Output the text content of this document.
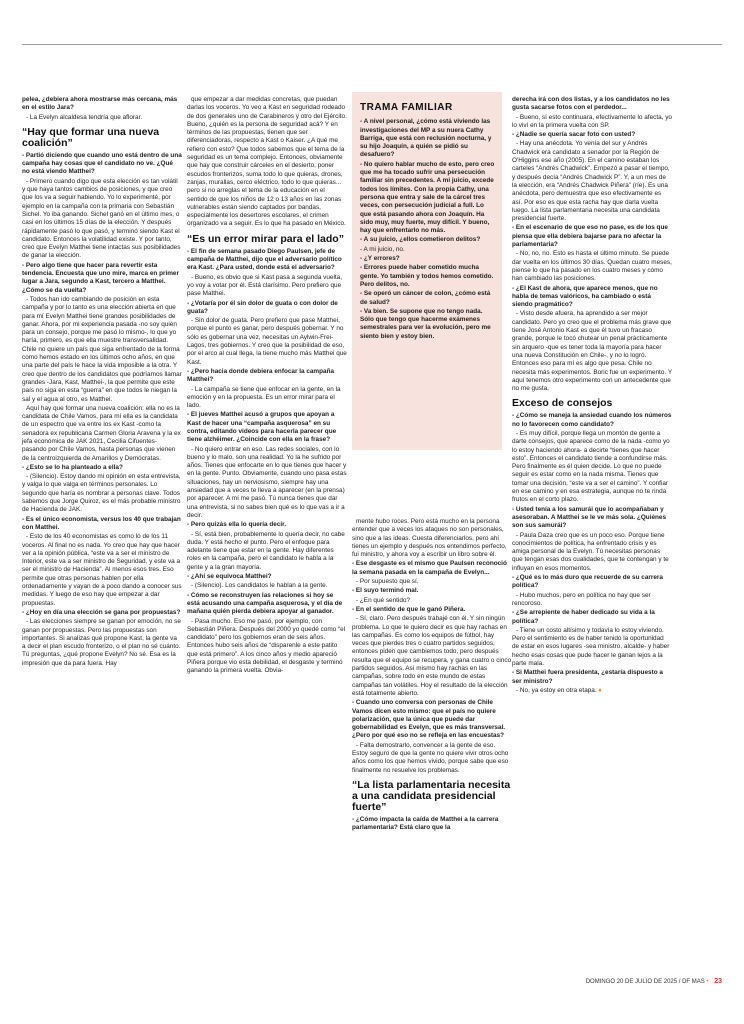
pelea, ¿debiera ahora mostrarse más cercana, más en el estilo Jara?

- La Evelyn alcaldesa tendría que aflorar.

“Hay que formar una nueva coalición”

- Partió diciendo que cuando uno está dentro de una campaña hay cosas que el candidato no ve. ¿Qué no está viendo Matthei?

- Primero cuando digo que esta elección es tan volátil y que haya tantos cambios de posiciones, y que creo que los va a seguir habiendo. Yo lo experimenté, por ejemplo en la campaña con la primaria con Sebastián Sichel. Yo iba ganando. Sichel ganó en el último mes, o casi en los últimos 15 días de la elección. Y después rápidamente pasó lo que pasó, y terminó siendo Kast el candidato. Entonces la volatilidad existe. Y por tanto, creo que Evelyn Matthei tiene intactas sus posibilidades de ganar la elección.

- Pero algo tiene que hacer para revertir esta tendencia. Encuesta que uno mire, marca en primer lugar a Jara, segundo a Kast, tercero a Matthei. ¿Cómo se da vuelta?

- Todos han ido cambiando de posición en esta campaña y por lo tanto es una elección abierta en que para mí Evelyn Matthei tiene grandes posibilidades de ganar. Ahora, por mi experiencia pasada -no soy quién para un consejo, porque me pasó lo mismo-, lo que yo haría, primero, es que ella muestre transversalidad. Chile no quiere un país que siga enfrentado de la forma como hemos estado en los últimos ocho años, en que una parte del país le hace la vida imposible a la otra. Y creo que dentro de los candidatos que podríamos llamar grandes -Jara, Kast, Matthei-, la que permite que este país no siga en esta “guerra” en que todos le niegan la sal y el agua al otro, es Matthei.

Aquí hay que formar una nueva coalición: ella no es la candidata de Chile Vamos, para mí ella es la candidata de un espectro que va entre los ex Kast -como la senadora ex republicana Carmen Gloria Aravena y la ex jefa económica de JAK 2021, Cecilia Cifuentes- pasando por Chile Vamos, hasta personas que vienen de la centroizquierda de Amarillos y Demócratas.

- ¿Esto se lo ha planteado a ella?

- (Silencio). Estoy dando mi opinión en esta entrevista, y valga lo que valga en términos personales. Lo segundo que haría es nombrar a personas clave. Todos sabemos que Jorge Quiroz, es el más probable ministro de Hacienda de JAK.

- Es el único economista, versus los 40 que trabajan con Matthei.

- Esto de los 40 economistas es como lo de los 11 voceros. Al final no es nada. Yo creo que hay que hacer ver a la opinión pública, “este va a ser el ministro de Interior, este va a ser ministro de Seguridad, y este va a ser el ministro de Hacienda”. Al menos esos tres. Eso permite que otras personas hablen por ella ordenadamente y vayan de a poco dando a conocer sus medidas. Y luego de eso hay que empezar a dar propuestas.

- ¿Hoy en día una elección se gana por propuestas?

- Las elecciones siempre se ganan por emoción, no se ganan por propuestas. Pero las propuestas son importantes. Si analizas qué propone Kast, la gente va a decir el plan escudo fronterizo, o el plan no sé cuánto. Tú preguntas, ¿qué propone Evelyn? No sé. Esa es la impresión que da para fuera. Hay

que empezar a dar medidas concretas, que puedan darlas los voceros. Yo veo a Kast en seguridad rodeado de dos generales uno de Carabineros y otro del Ejército. Bueno, ¿quién es la persona de seguridad acá? Y en términos de las propuestas, tienen que ser diferenciadoras, respecto a Kast o Kaiser. ¿A qué me refiero con esto? Que todos sabemos que el tema de la seguridad es un tema complejo. Entonces, obviamente que hay que construir cárceles en el desierto, poner escudos fronterizos, suma todo lo que quieras, drones, zanjas, murallas, cerco eléctrico, todo lo que quieras... pero si no arreglas el tema de la educación en el sentido de que los niños de 12 o 13 años en las zonas vulnerables están siendo captados por bandas, especialmente los desertores escolares, el crimen organizado va a seguir. Es lo que ha pasado en México.

“Es un error mirar para el lado”

- El fin de semana pasado Diego Paulsen, jefe de campaña de Matthei, dijo que el adversario político era Kast. ¿Para usted, donde está el adversario?

- Bueno, es obvio que si Kast pasa a segunda vuelta, yo voy a votar por él. Está clarísimo. Pero prefiero que pase Matthei.

- ¿Votaría por él sin dolor de guata o con dolor de guata?

- Sin dolor de guata. Pero prefiero que pase Matthei, porque el punto es ganar, pero después gobernar. Y no sólo es gobernar una vez, necesitas un Aylwin-Frei-Lagos, tres gobiernos. Y creo que la posibilidad de eso, por el arco al cual llega, la tiene mucho más Matthei que Kast.

- ¿Pero hacia donde debiera enfocar la campaña Matthei?

- La campaña se tiene que enfocar en la gente, en la emoción y en la propuesta. Es un error mirar para el lado.

- El jueves Matthei acusó a grupos que apoyan a Kast de hacer una “campaña asquerosa” en su contra, editando videos para hacerla parecer que tiene alzhéimer. ¿Coincide con ella en la frase?

- No quiero entrar en eso. Las redes sociales, con lo bueno y lo malo, son una realidad. Yo la he sufrido por años. Tienes que enfocarte en lo que tienes que hacer y en la gente. Punto. Obviamente, cuando uno pasa estas situaciones, hay un nerviosismo, siempre hay una ansiedad que a veces te lleva a aparecer (en la prensa) por aparecer. A mí me pasó. Tú nunca tienes que dar una entrevista, si no sabes bien qué es lo que vas a ir a decir.

- Pero quizás ella lo quería decir.

- Sí, está bien, probablemente lo quería decir, no cabe duda. Y está hecho el punto. Pero el enfoque para adelante tiene que estar en la gente. Hay diferentes roles en la campaña, pero el candidato le habla a la gente y a la gran mayoría.

- ¿Ahí se equivoca Matthei?

- (Silencio). Los candidatos le hablan a la gente.

- Cómo se reconstruyen las relaciones si hoy se está acusando una campaña asquerosa, y el día de mañana quién pierda debiera apoyar al ganador.

- Pasa mucho. Eso me pasó, por ejemplo, con Sebastián Piñera. Después del 2000 yo quedé como “el candidato” pero los gobiernos eran de seis años. Entonces hubo seis años de “disparenle a este patito que está primero”. A los cinco años y medio apareció Piñera porque vio esta debilidad, el desgaste y terminó ganando la primera vuelta. Obvia-

TRAMA FAMILIAR

- A nivel personal, ¿cómo está viviendo las investigaciones del MP a su nuera Cathy Barriga, que está con reclusión nocturna, y su hijo Joaquín, a quién se pidió su desafuero?

- No quiero hablar mucho de esto, pero creo que me ha tocado sufrir una persecución familiar sin precedentes. A mi juicio, excede todos los límites. Con la propia Cathy, una persona que entra y sale de la cárcel tres veces, con persecución judicial a full. Lo que está pasando ahora con Joaquín. Ha sido muy, muy fuerte, muy difícil. Y bueno, hay que enfrentarlo no más.

- A su juicio, ¿ellos cometieron delitos?

- A mi juicio, no.

- ¿Y errores?

- Errores puede haber cometido mucha gente. Yo también y todos hemos cometido. Pero delitos, no.

- Se operó un cáncer de colon, ¿cómo está de salud?

- Va bien. Se supone que no tengo nada. Sólo que tengo que hacerme exámenes semestrales para ver la evolución, pero me siento bien y estoy bien.

mente hubo roces. Pero está mucho en la persona entender que a veces los ataques no son personales, sino que a las ideas. Cuesta diferenciarlos, pero ahí tienes un ejemplo y después nos entendimos perfecto, fui ministro, y ahora voy a escribir un libro sobre él.

- Ese desgaste es el mismo que Paulsen reconoció la semana pasada en la campaña de Evelyn...

- Por supuesto que sí.

- El suyo terminó mal.

- ¿En qué sentido?

- En el sentido de que le ganó Piñera.

- Sí, claro. Pero después trabajé con él. Y sin ningún problema. Lo que te quiero decir es que hay rachas en las campañas. Es como los equipos de fútbol, hay veces que pierdes tres o cuatro partidos seguidos, entonces piden que cambiemos todo, pero después resulta que el equipo se recupera, y gana cuatro o cinco partidos seguidos. Así mismo hay rachas en las campañas, sobre todo en este mundo de estas campañas tan volátiles. Hoy el resultado de la elección está totalmente abierto.

- Cuando uno conversa con personas de Chile Vamos dicen esto mismo: que el país no quiere polarización, que la única que puede dar gobernabilidad es Evelyn, que es más transversal. ¿Pero por qué eso no se refleja en las encuestas?

- Falta demostrarlo, convencer a la gente de eso. Estoy seguro de que la gente no quiere vivir otros ocho años como los que hemos vivido, porque sabe que eso finalmente no resuelve los problemas.

“La lista parlamentaria necesita a una candidata presidencial fuerte”

- ¿Cómo impacta la caída de Matthei a la carrera parlamentaria? Está claro que la

derecha irá con dos listas, y a los candidatos no les gusta sacarse fotos con el perdedor...

- Bueno, sí esto continuara, efectivamente lo afecta, yo lo viví en la primera vuelta con SP.

- ¿Nadie se quería sacar foto con usted?

- Hay una anécdota. Yo venía del sur y Andrés Chadwick era candidato a senador por la Región de O'Higgins ese año (2005). En el camino estaban los carteles “Andrés Chadwick”. Empezó a pasar el tiempo, y después decía “Andrés Chadwick P”. Y, a un mes de la elección, era “Andrés Chadwick Piñera” (ríe). Es una anécdota, pero demuestra que eso efectivamente es así. Por eso es que esta racha hay que darla vuelta luego. La lista parlamentaria necesita una candidata presidencial fuerte.

- En el escenario de que eso no pase, es de los que piensa que ella debiera bajarse para no afectar la parlamentaria?

- No, no, no. Esto es hasta el último minuto. Se puede dar vuelta en los últimos 30 días. Quedan cuatro meses, piense lo que ha pasado en los cuatro meses y cómo han cambiado las posiciones.

- ¿El Kast de ahora, que aparece menos, que no habla de temas valóricos, ha cambiado o está siendo pragmático?

- Visto desde afuera, ha aprendido a ser mejor candidato. Pero yo creo que el problema más grave que tiene José Antonio Kast es que él tuvo un fracaso grande, porque le tocó chutear un penal prácticamente sin arquero -que es tener toda la mayoría para hacer una nueva Constitución en Chile-, y no lo logró. Entonces eso para mí es algo que pesa. Chile no necesita más experimentos. Boric fue un experimento. Y aquí tenemos otro experimento con un antecedente que no me gusta.

Exceso de consejos

- ¿Cómo se maneja la ansiedad cuando los números no lo favorecen como candidato?

- Es muy difícil, porque llega un montón de gente a darte consejos, que aparece como de la nada -como yo lo estoy haciendo ahora- a decirte “tienes que hacer esto”. Entonces el candidato tiende a confundirse más. Pero finalmente es él quien decide. Lo que no puede seguir es estar como en la nada misma. Tienes que tomar una decisión, “este va a ser el camino”. Y confiar en ese camino y en esa estrategia, aunque no te rinda frutos en el corto plazo.

- Usted tenía a los samurái que lo acompañaban y asesoraban. A Matthei se le ve más sola. ¿Quiénes son sus samurái?

- Paula Daza creo que es un poco eso. Porque tiene conocimientos de política, ha enfrentado crisis y es amiga personal de la Evelyn. Tú necesitas personas que tengan esas dos cualidades, que te contengan y te influyan en esos momentos.

- ¿Qué es lo más duro que recuerde de su carrera política?

- Hubo muchos, pero en política no hay que ser rencoroso.

- ¿Se arrepiente de haber dedicado su vida a la política?

- Tiene un costo altísimo y todavía lo estoy viviendo. Pero el sentimiento es de haber tenido la oportunidad de estar en esos lugares -sea ministro, alcalde- y haber hecho esas cosas que pude hacer le ganan lejos a la parte mala.

- Si Matthei fuera presidenta, ¿estaría dispuesto a ser ministro?

- No, ya estoy en otra etapa. ♦

DOMINGO 20 DE JULIO DE 2025 / DF MAS • 23
